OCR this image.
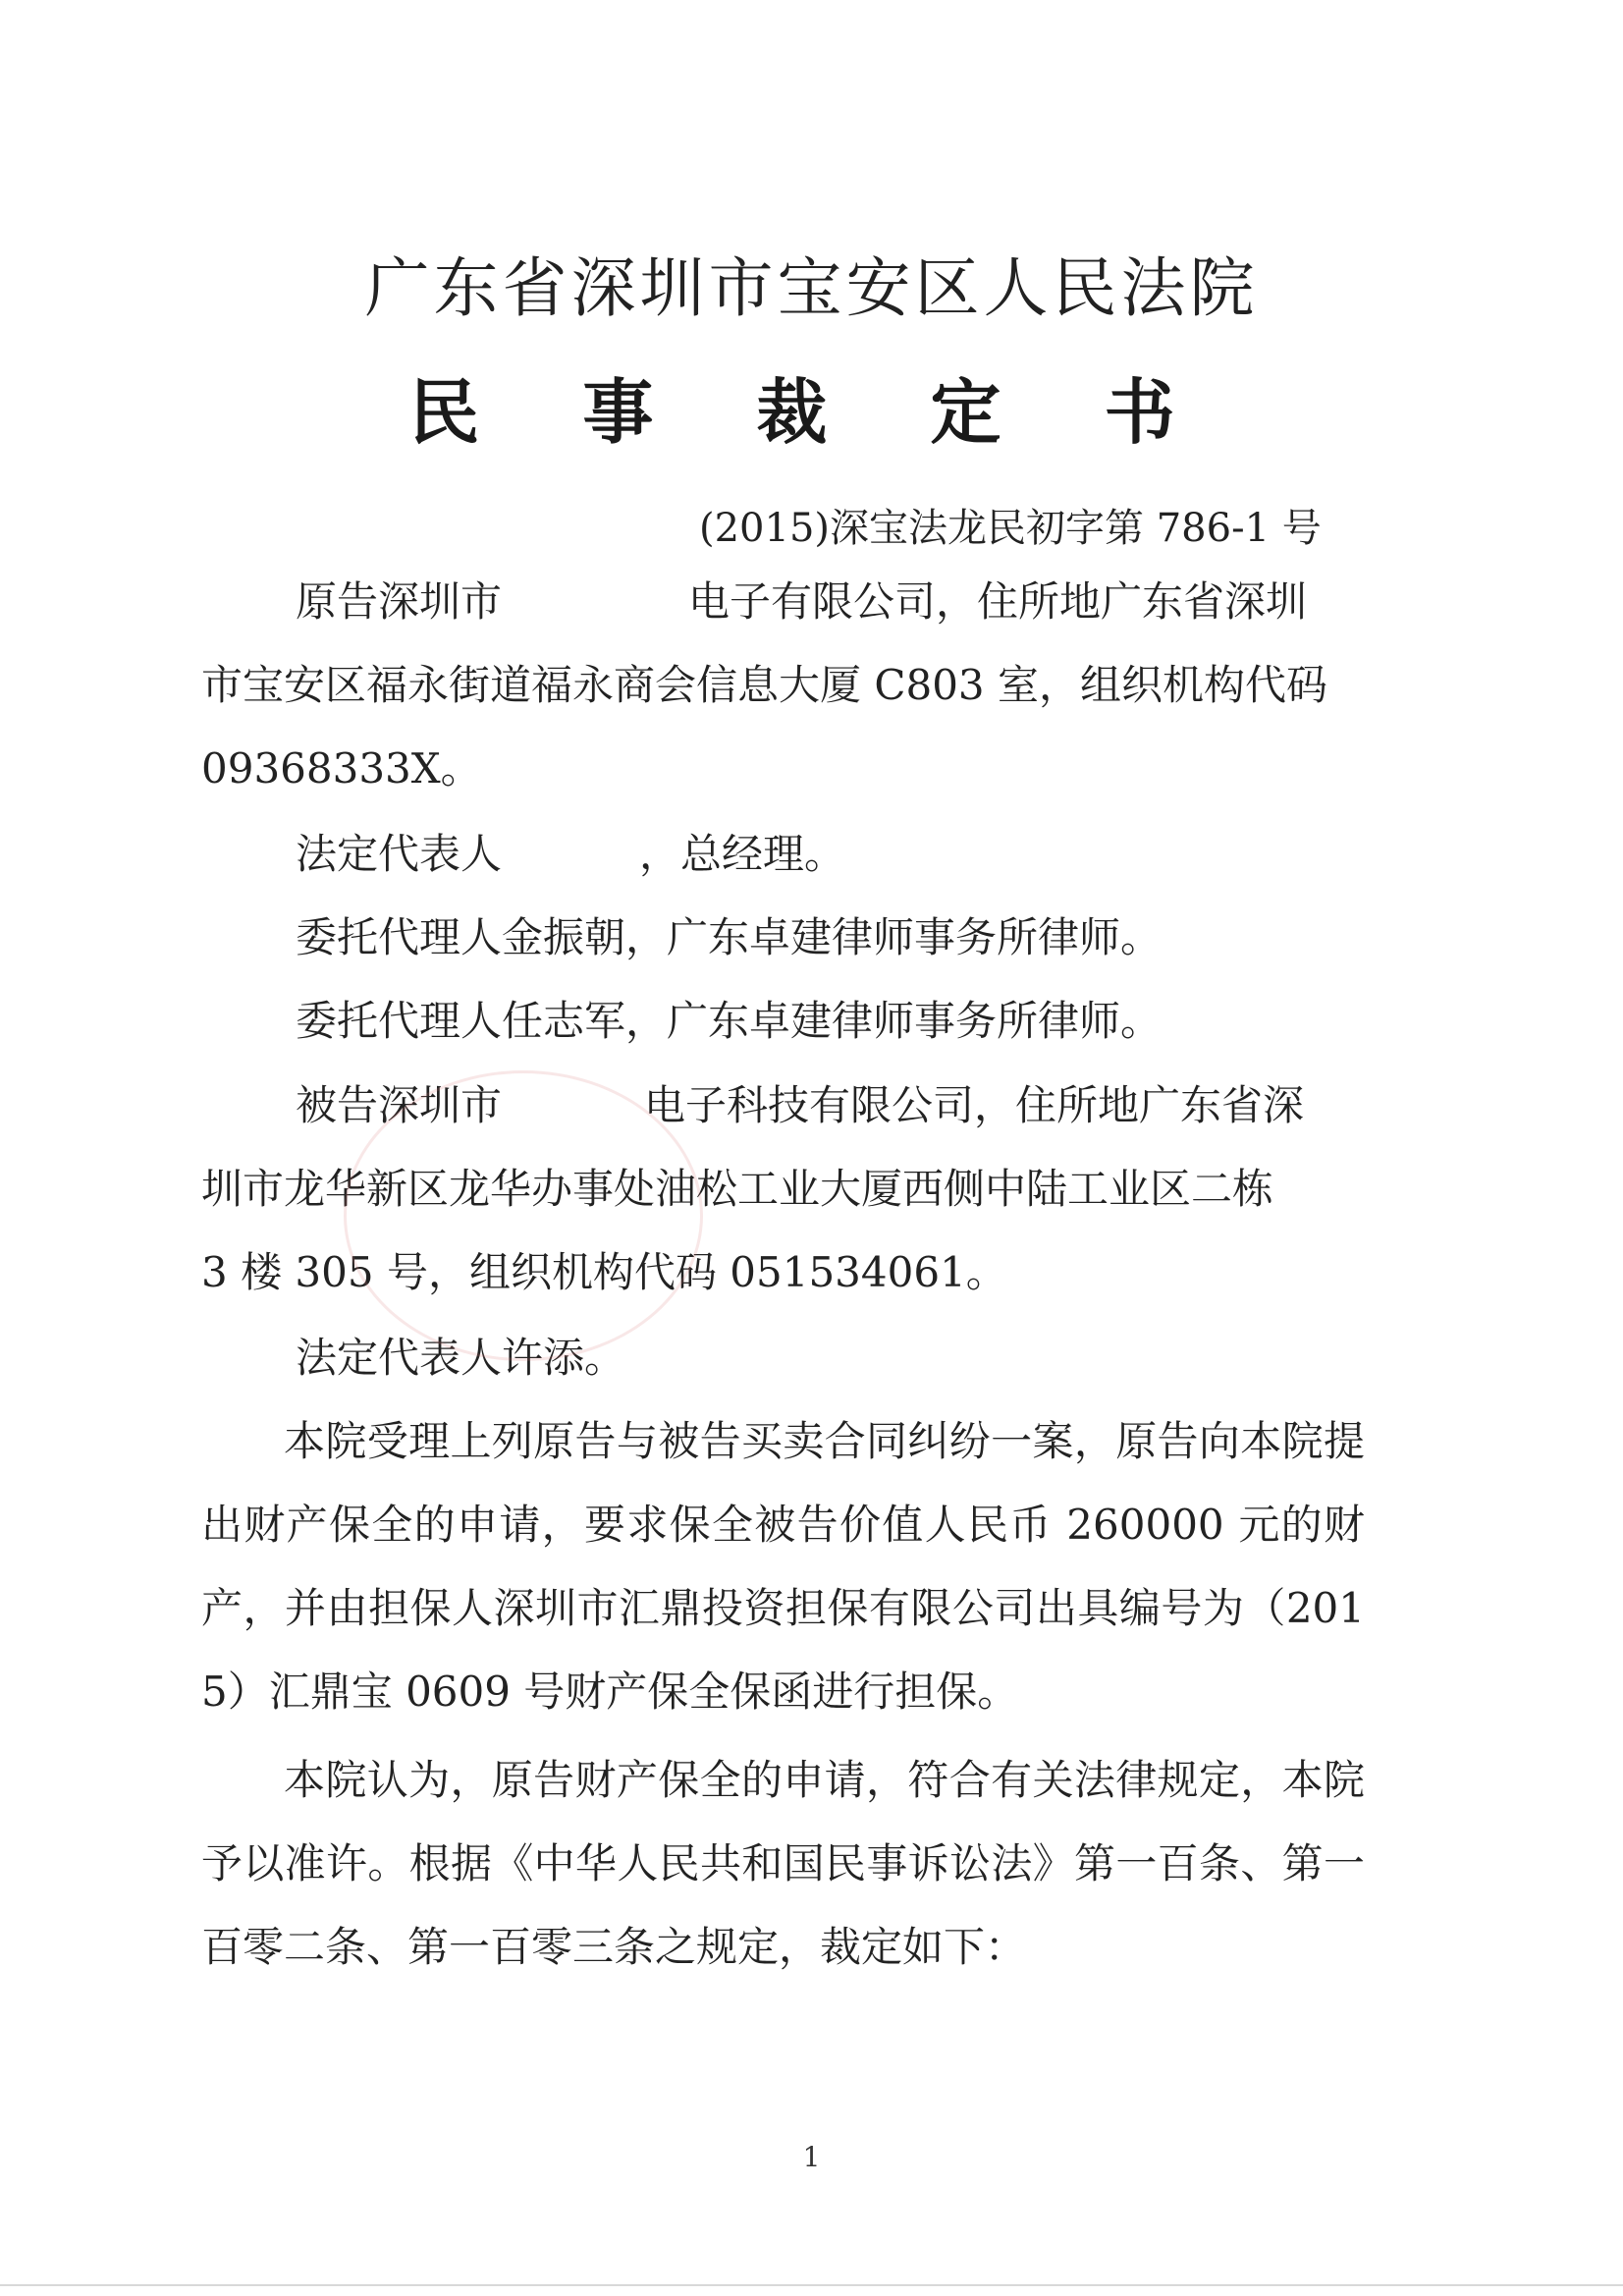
广东省深圳市宝安区人民法院
民 事 裁 定 书
(2015)深宝法龙民初字第 786-1 号

原告深圳市	电子有限公司，住所地广东省深圳

市宝安区福永街道福永商会信息大厦 C803 室，组织机构代码

09368333X。

法定代表人	，总经理。

委托代理人金振朝，广东卓建律师事务所律师。

委托代理人任志军，广东卓建律师事务所律师。

被告深圳市	电子科技有限公司，住所地广东省深

圳市龙华新区龙华办事处油松工业大厦西侧中陆工业区二栋

3 楼 305 号，组织机构代码 051534061。

法定代表人许添。

本院受理上列原告与被告买卖合同纠纷一案，原告向本院提出财产保全的申请，要求保全被告价值人民币 260000 元的财产，并由担保人深圳市汇鼎投资担保有限公司出具编号为（2015）汇鼎宝 0609 号财产保全保函进行担保。

本院认为，原告财产保全的申请，符合有关法律规定，本院予以准许。根据《中华人民共和国民事诉讼法》第一百条、第一百零二条、第一百零三条之规定，裁定如下：

1
